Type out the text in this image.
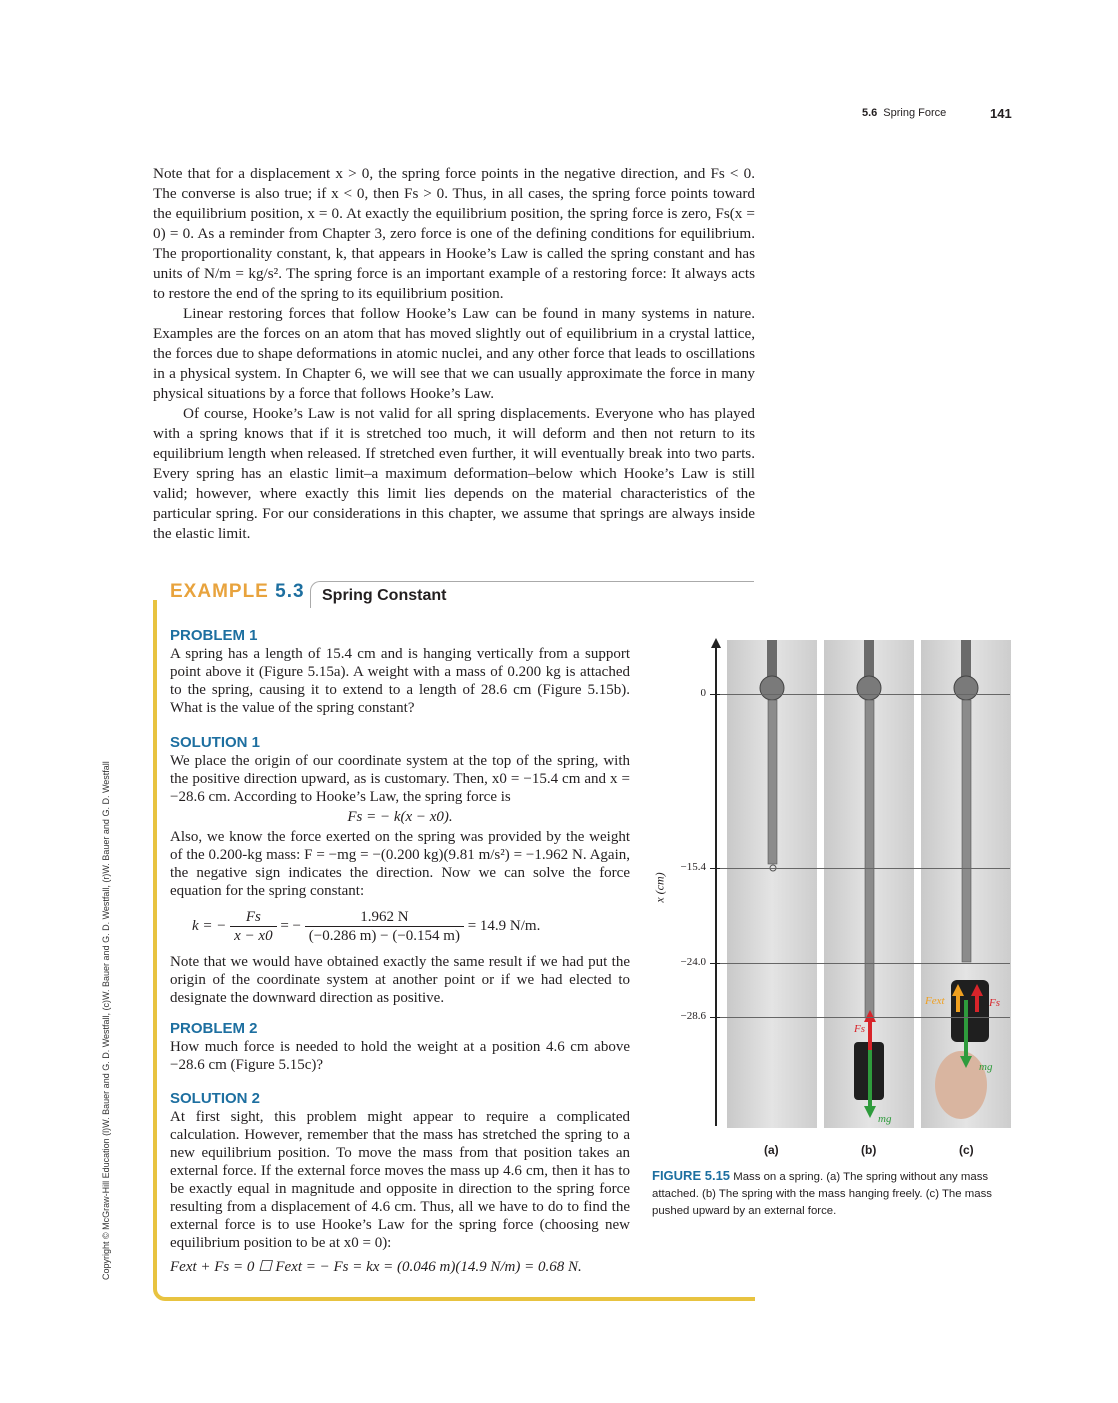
5.6 Spring Force	141

Note that for a displacement x > 0, the spring force points in the negative direction, and Fs < 0. The converse is also true; if x < 0, then Fs > 0. Thus, in all cases, the spring force points toward the equilibrium position, x = 0. At exactly the equilibrium position, the spring force is zero, Fs(x = 0) = 0. As a reminder from Chapter 3, zero force is one of the defining conditions for equilibrium. The proportionality constant, k, that appears in Hooke’s Law is called the spring constant and has units of N/m = kg/s². The spring force is an important example of a restoring force: It always acts to restore the end of the spring to its equilibrium position.

Linear restoring forces that follow Hooke’s Law can be found in many systems in nature. Examples are the forces on an atom that has moved slightly out of equilibrium in a crystal lattice, the forces due to shape deformations in atomic nuclei, and any other force that leads to oscillations in a physical system. In Chapter 6, we will see that we can usually approximate the force in many physical situations by a force that follows Hooke’s Law.

Of course, Hooke’s Law is not valid for all spring displacements. Everyone who has played with a spring knows that if it is stretched too much, it will deform and then not return to its equilibrium length when released. If stretched even further, it will eventually break into two parts. Every spring has an elastic limit–a maximum deformation–below which Hooke’s Law is still valid; however, where exactly this limit lies depends on the material characteristics of the particular spring. For our considerations in this chapter, we assume that springs are always inside the elastic limit.

EXAMPLE 5.3 Spring Constant

PROBLEM 1

A spring has a length of 15.4 cm and is hanging vertically from a support point above it (Figure 5.15a). A weight with a mass of 0.200 kg is attached to the spring, causing it to extend to a length of 28.6 cm (Figure 5.15b). What is the value of the spring constant?

SOLUTION 1

We place the origin of our coordinate system at the top of the spring, with the positive direction upward, as is customary. Then, x0 = −15.4 cm and x = −28.6 cm. According to Hooke’s Law, the spring force is

Fs = − k(x − x0).

Also, we know the force exerted on the spring was provided by the weight of the 0.200-kg mass: F = −mg = −(0.200 kg)(9.81 m/s²) = −1.962 N. Again, the negative sign indicates the direction. Now we can solve the force equation for the spring constant:

k = − $\frac{Fs}{x - x0}$ = − $\frac{1.962 N}{(-0.286 m) - (-0.154 m)} = 14.9$ N/m.

Note that we would have obtained exactly the same result if we had put the origin of the coordinate system at another point or if we had elected to designate the downward direction as positive.

PROBLEM 2

How much force is needed to hold the weight at a position 4.6 cm above −28.6 cm (Figure 5.15c)?

SOLUTION 2

At first sight, this problem might appear to require a complicated calculation. However, remember that the mass has stretched the spring to a new equilibrium position. To move the mass from that position takes an external force. If the external force moves the mass up 4.6 cm, then it has to be exactly equal in magnitude and opposite in direction to the spring force resulting from a displacement of 4.6 cm. Thus, all we have to do to find the external force is to use Hooke’s Law for the spring force (choosing new equilibrium position to be at x0 = 0):

Fext + Fs = 0 ☐ Fext = − Fs = kx = (0.046 m)(14.9 N/m) = 0.68 N.

Fs
mg
Fext	Fs
mg
x (cm)
0
−15.4
−24.0
−28.6
(a)	(b)	(c)
FIGURE 5.15 Mass on a spring. (a) The spring without any mass attached. (b) The spring with the mass hanging freely. (c) The mass pushed upward by an external force.
Copyright © McGraw-Hill Education (l)W. Bauer and G. D. Westfall, (c)W. Bauer and G. D. Westfall, (r)W. Bauer and G. D. Westfall
